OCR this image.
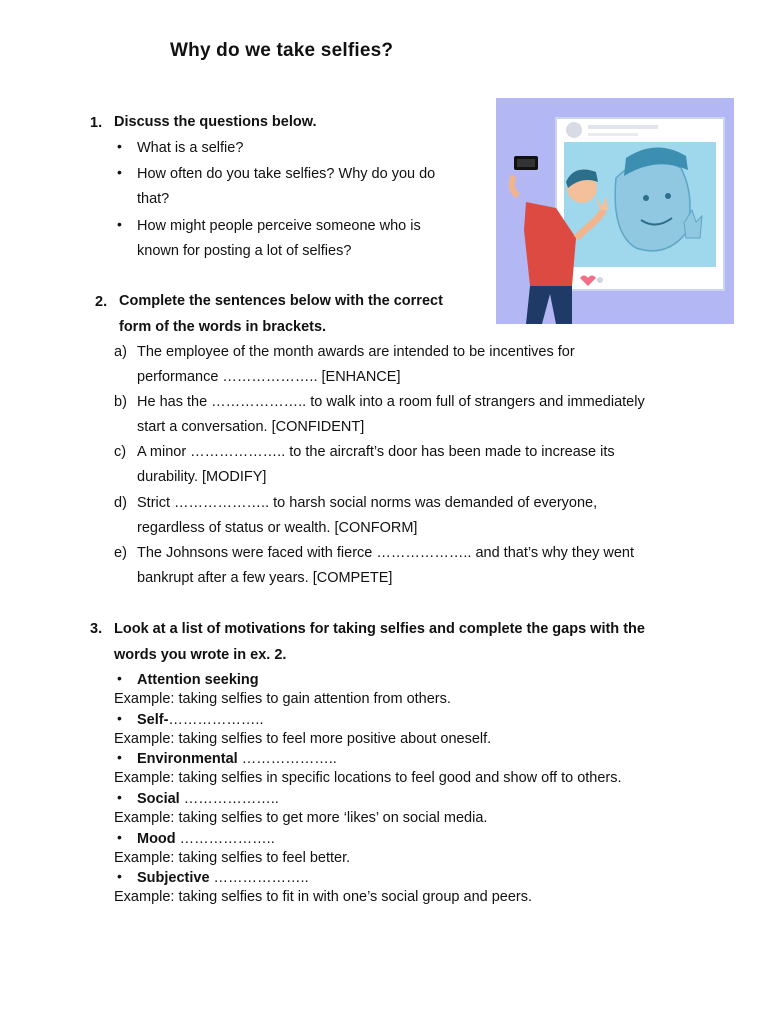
Why do we take selfies?
1. Discuss the questions below.
• What is a selfie?
• How often do you take selfies? Why do you do
that?
• How might people perceive someone who is
known for posting a lot of selfies?
2. Complete the sentences below with the correct
form of the words in brackets.
a) The employee of the month awards are intended to be incentives for
performance ……………….. [ENHANCE]
b) He has the ……………….. to walk into a room full of strangers and immediately
start a conversation. [CONFIDENT]
c) A minor ……………….. to the aircraft’s door has been made to increase its
durability. [MODIFY]
d) Strict ……………….. to harsh social norms was demanded of everyone,
regardless of status or wealth. [CONFORM]
e) The Johnsons were faced with fierce ……………….. and that’s why they went
bankrupt after a few years. [COMPETE]
3. Look at a list of motivations for taking selfies and complete the gaps with the
words you wrote in ex. 2.
• Attention seeking
Example: taking selfies to gain attention from others.
• Self-………………..
Example: taking selfies to feel more positive about oneself.
• Environmental ………………..
Example: taking selfies in specific locations to feel good and show off to others.
• Social ………………..
Example: taking selfies to get more ‘likes’ on social media.
• Mood ………………..
Example: taking selfies to feel better.
• Subjective ………………..
Example: taking selfies to fit in with one’s social group and peers.
